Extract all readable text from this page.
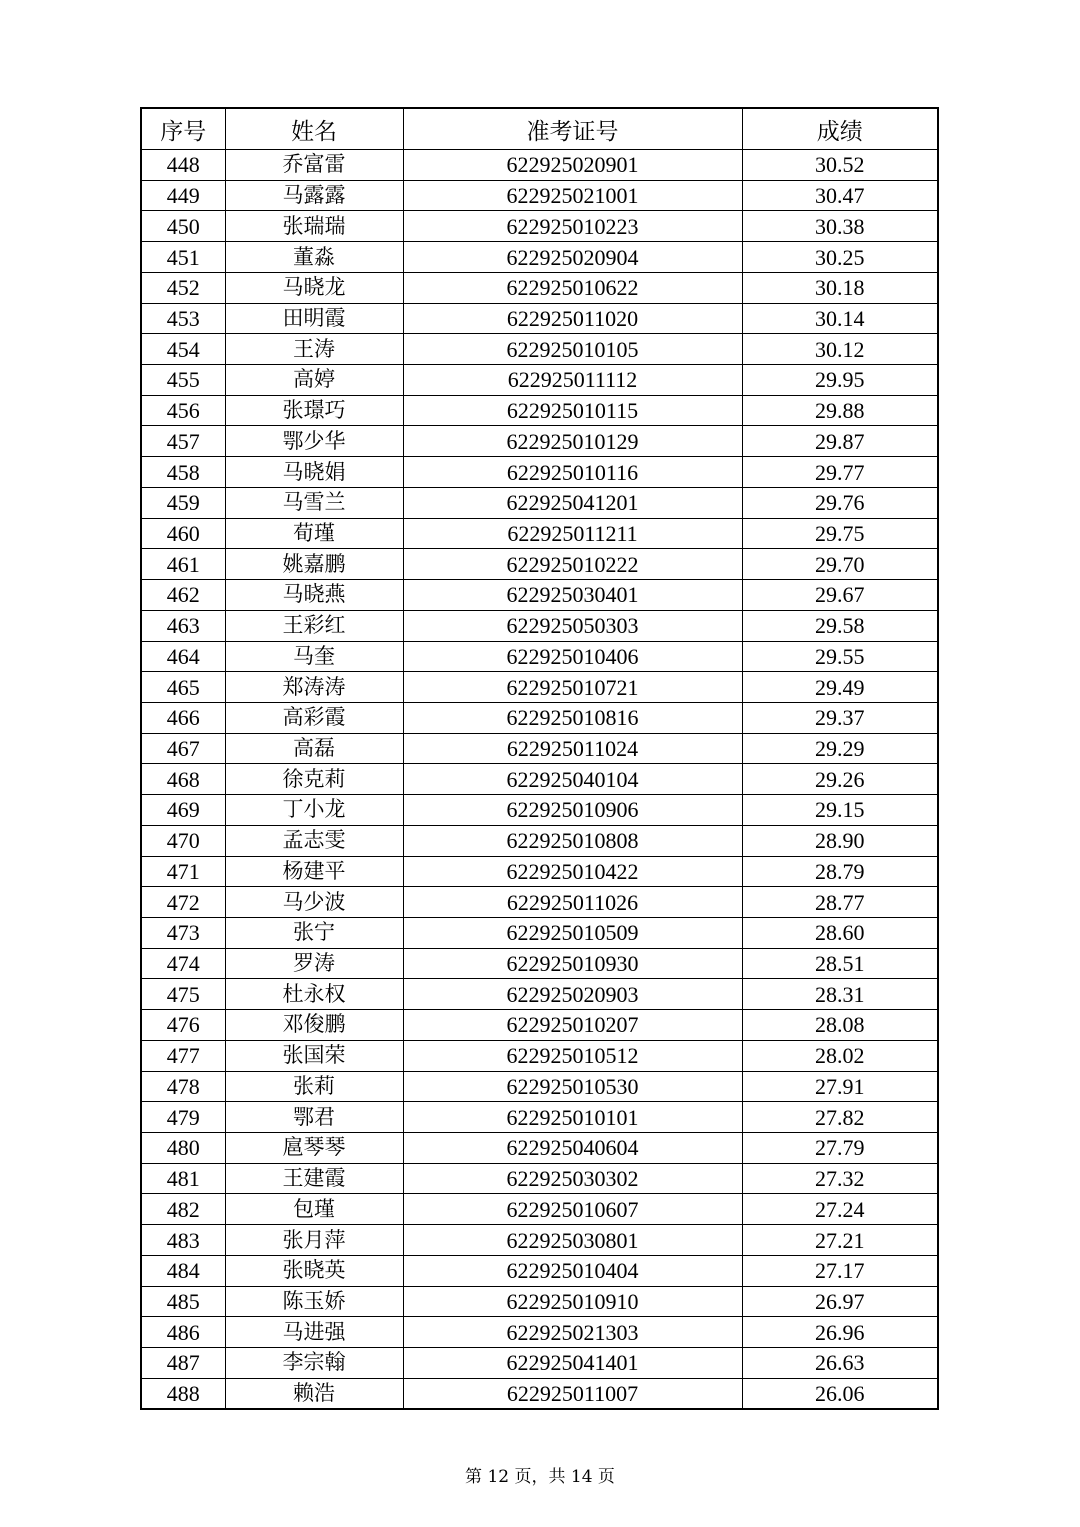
序号	姓名	准考证号	成绩
448	乔富雷	622925020901	30.52
449	马露露	622925021001	30.47
450	张瑞瑞	622925010223	30.38
451	董淼	622925020904	30.25
452	马晓龙	622925010622	30.18
453	田明霞	622925011020	30.14
454	王涛	622925010105	30.12
455	高婷	622925011112	29.95
456	张璟巧	622925010115	29.88
457	鄂少华	622925010129	29.87
458	马晓娟	622925010116	29.77
459	马雪兰	622925041201	29.76
460	荀瑾	622925011211	29.75
461	姚嘉鹏	622925010222	29.70
462	马晓燕	622925030401	29.67
463	王彩红	622925050303	29.58
464	马奎	622925010406	29.55
465	郑涛涛	622925010721	29.49
466	高彩霞	622925010816	29.37
467	高磊	622925011024	29.29
468	徐克莉	622925040104	29.26
469	丁小龙	622925010906	29.15
470	孟志雯	622925010808	28.90
471	杨建平	622925010422	28.79
472	马少波	622925011026	28.77
473	张宁	622925010509	28.60
474	罗涛	622925010930	28.51
475	杜永权	622925020903	28.31
476	邓俊鹏	622925010207	28.08
477	张国荣	622925010512	28.02
478	张莉	622925010530	27.91
479	鄂君	622925010101	27.82
480	扈琴琴	622925040604	27.79
481	王建霞	622925030302	27.32
482	包瑾	622925010607	27.24
483	张月萍	622925030801	27.21
484	张晓英	622925010404	27.17
485	陈玉娇	622925010910	26.97
486	马进强	622925021303	26.96
487	李宗翰	622925041401	26.63
488	赖浩	622925011007	26.06
第 12 页，共 14 页
